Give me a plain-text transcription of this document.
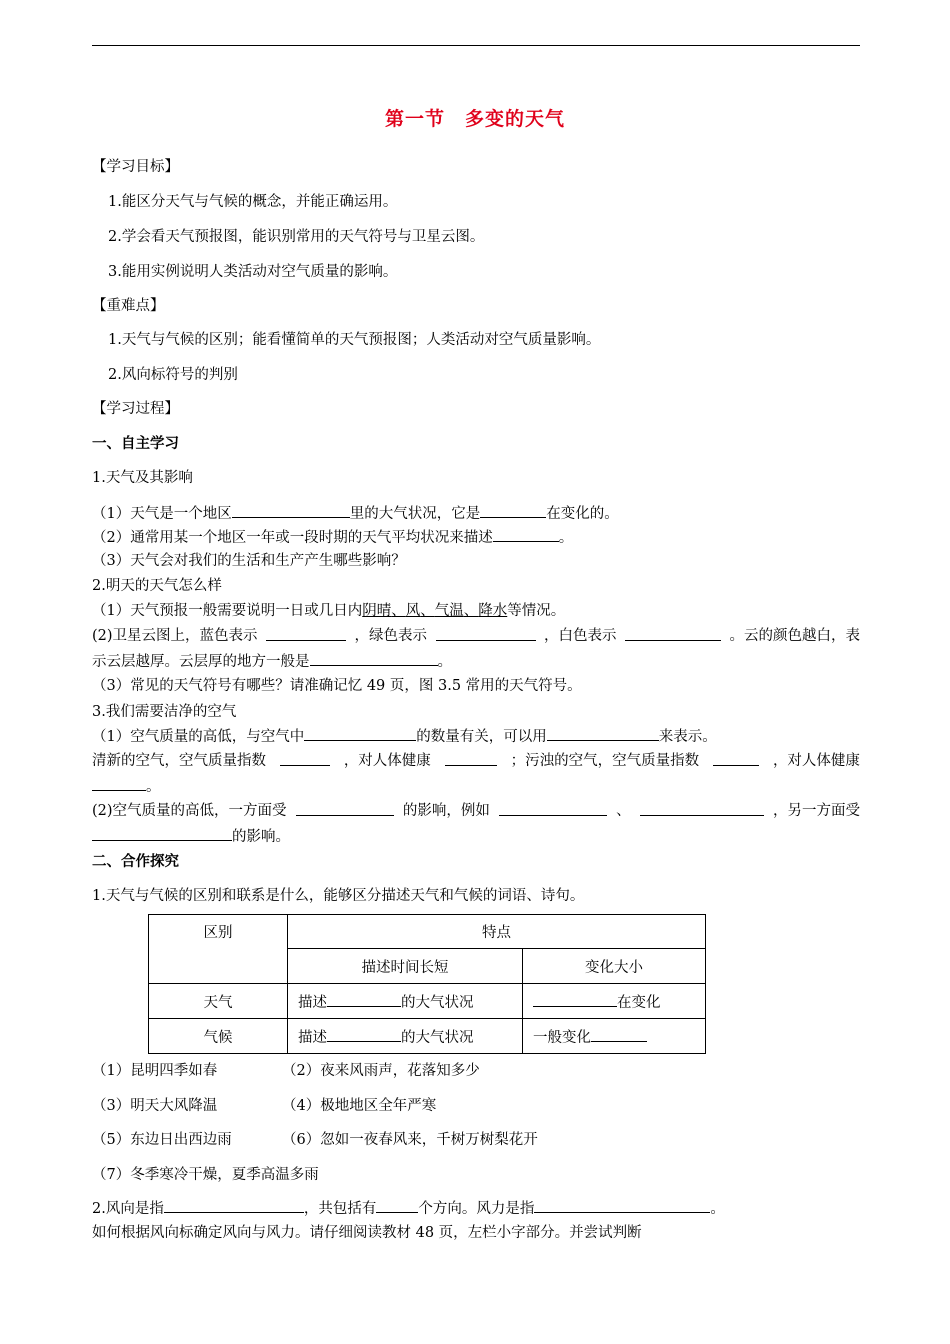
第一节　多变的天气
【学习目标】
1.能区分天气与气候的概念，并能正确运用。
2.学会看天气预报图，能识别常用的天气符号与卫星云图。
3.能用实例说明人类活动对空气质量的影响。
【重难点】
1.天气与气候的区别；能看懂简单的天气预报图；人类活动对空气质量影响。
2.风向标符号的判别
【学习过程】
一、自主学习
1.天气及其影响
（1）天气是一个地区	里的大气状况，它是	在变化的。
（2）通常用某一个地区一年或一段时期的天气平均状况来描述	。
（3）天气会对我们的生活和生产产生哪些影响？
2.明天的天气怎么样
（1）天气预报一般需要说明一日或几日内阴晴、风、气温、降水等情况。
(2)卫星云图上，蓝色表示	，绿色表示	，白色表示	。云的颜色越白，表
示云层越厚。云层厚的地方一般是	。
（3）常见的天气符号有哪些？请准确记忆 49 页，图 3.5 常用的天气符号。
3.我们需要洁净的空气
（1）空气质量的高低，与空气中	的数量有关，可以用	来表示。
清新的空气，空气质量指数	，对人体健康	；污浊的空气，空气质量指数	，对人体健康
。
(2)空气质量的高低，一方面受	的影响，例如	、	，另一方面受
的影响。
二、合作探究
1.天气与气候的区别和联系是什么，能够区分描述天气和气候的词语、诗句。
区别	特点	
	描述时间长短	变化大小
天气	描述 的大气状况	在变化
气候	描述 的大气状况	一般变化
（1）昆明四季如春	（2）夜来风雨声，花落知多少
（3）明天大风降温	（4）极地地区全年严寒
（5）东边日出西边雨	（6）忽如一夜春风来，千树万树梨花开
（7）冬季寒冷干燥，夏季高温多雨
2.风向是指	，共包括有	个方向。风力是指	。
如何根据风向标确定风向与风力。请仔细阅读教材 48 页，左栏小字部分。并尝试判断
